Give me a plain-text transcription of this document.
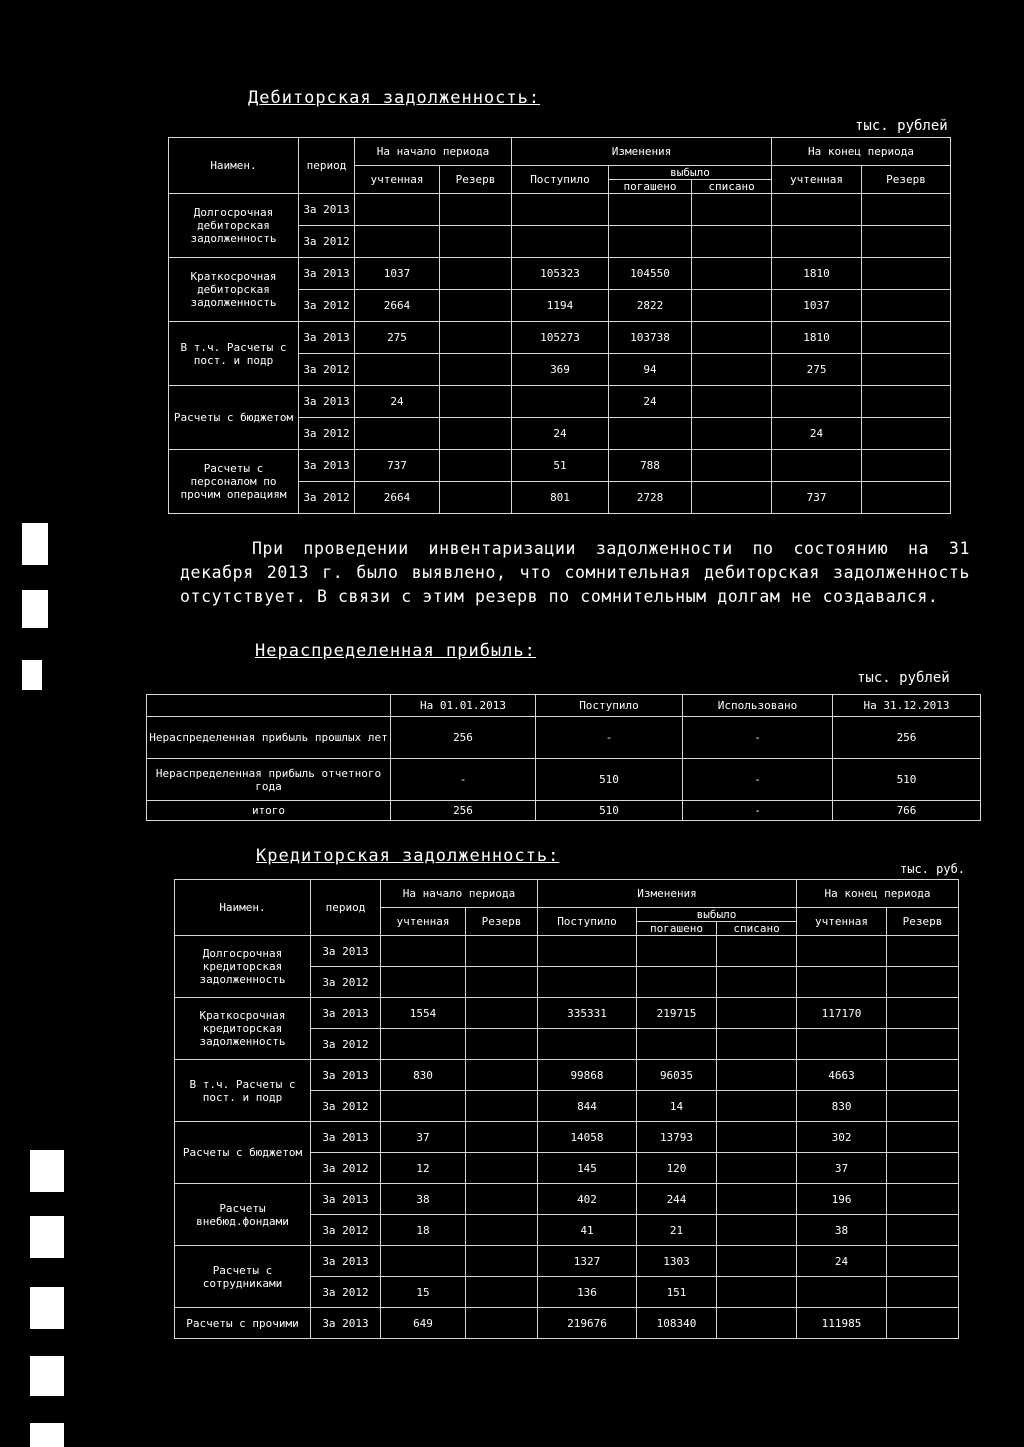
Дебиторская задолженность:
тыс. рублей
Наимен.	период	На начало периода		Изменения			На конец периода	
		учтенная	Резерв	Поступило	выбыло		учтенная	Резерв
					погашено	списано		
Долгосрочная дебиторская задолженность	За 2013							
	За 2012							
Краткосрочная дебиторская задолженность	За 2013	1037		105323	104550		1810	
	За 2012	2664		1194	2822		1037	
В т.ч. Расчеты с пост. и подр	За 2013	275		105273	103738		1810	
	За 2012			369	94		275	
Расчеты с бюджетом	За 2013	24			24			
	За 2012			24			24	
Расчеты с персоналом по прочим операциям	За 2013	737		51	788			
	За 2012	2664		801	2728		737	
При проведении инвентаризации задолженности по состоянию на 31 декабря 2013 г. было выявлено, что сомнительная дебиторская задолженность отсутствует. В связи с этим резерв по сомнительным долгам не создавался.
Нераспределенная прибыль:
тыс. рублей
	На 01.01.2013	Поступило	Использовано	На 31.12.2013
Нераспределенная прибыль прошлых лет	256	-	-	256
Нераспределенная прибыль отчетного года	-	510	-	510
итого	256	510	-	766
Кредиторская задолженность:
тыс. руб.
Наимен.	период	На начало периода		Изменения			На конец периода	
		учтенная	Резерв	Поступило	выбыло		учтенная	Резерв
					погашено	списано		
Долгосрочная кредиторская задолженность	За 2013							
	За 2012							
Краткосрочная кредиторская задолженность	За 2013	1554		335331	219715		117170	
	За 2012							
В т.ч. Расчеты с пост. и подр	За 2013	830		99868	96035		4663	
	За 2012			844	14		830	
Расчеты с бюджетом	За 2013	37		14058	13793		302	
	За 2012	12		145	120		37	
Расчеты внебюд.фондами	За 2013	38		402	244		196	
	За 2012	18		41	21		38	
Расчеты с сотрудниками	За 2013			1327	1303		24	
	За 2012	15		136	151			
Расчеты с прочими	За 2013	649		219676	108340		111985	
